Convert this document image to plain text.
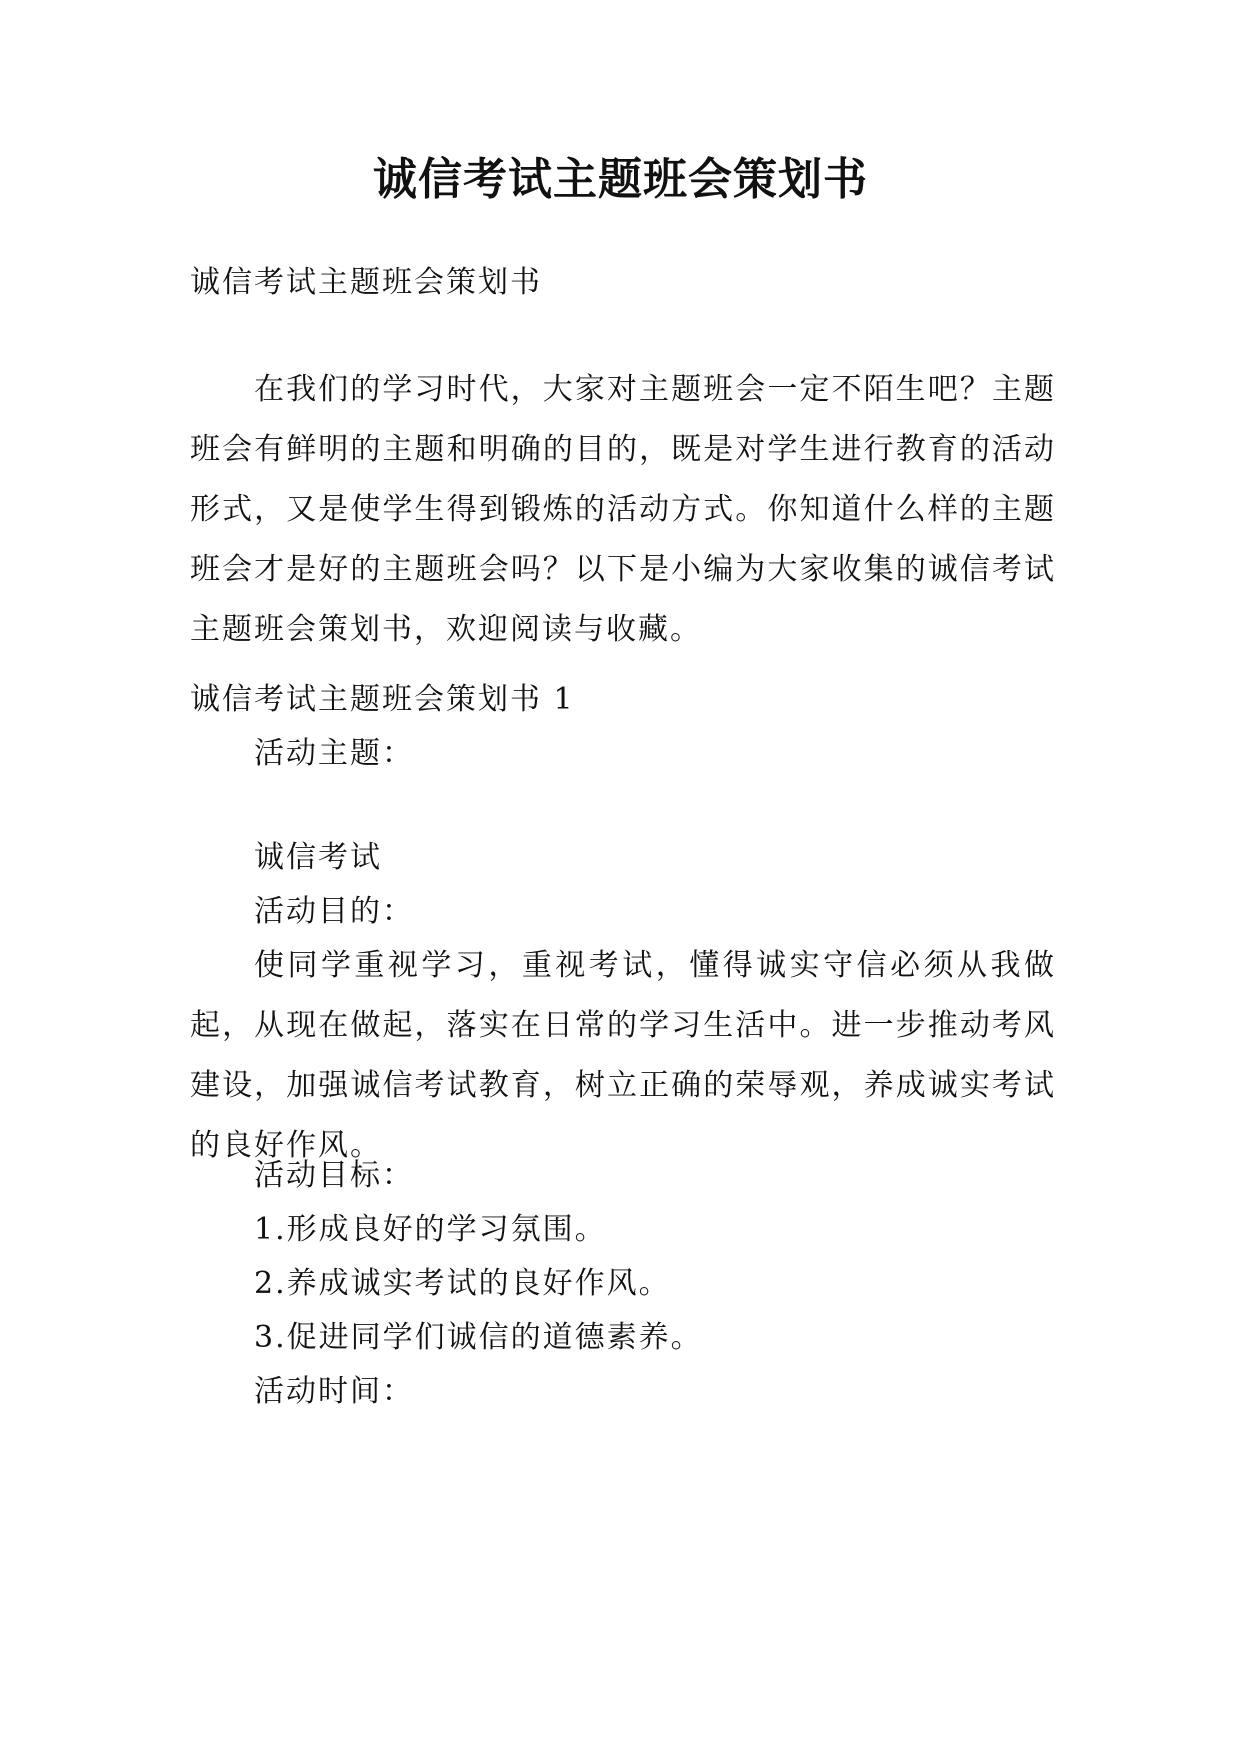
诚信考试主题班会策划书

诚信考试主题班会策划书

在我们的学习时代，大家对主题班会一定不陌生吧？主题班会有鲜明的主题和明确的目的，既是对学生进行教育的活动形式，又是使学生得到锻炼的活动方式。你知道什么样的主题班会才是好的主题班会吗？以下是小编为大家收集的诚信考试主题班会策划书，欢迎阅读与收藏。

诚信考试主题班会策划书 1

活动主题：

诚信考试

活动目的：

使同学重视学习，重视考试，懂得诚实守信必须从我做起，从现在做起，落实在日常的学习生活中。进一步推动考风建设，加强诚信考试教育，树立正确的荣辱观，养成诚实考试的良好作风。

活动目标：

1.形成良好的学习氛围。

2.养成诚实考试的良好作风。

3.促进同学们诚信的道德素养。

活动时间：
